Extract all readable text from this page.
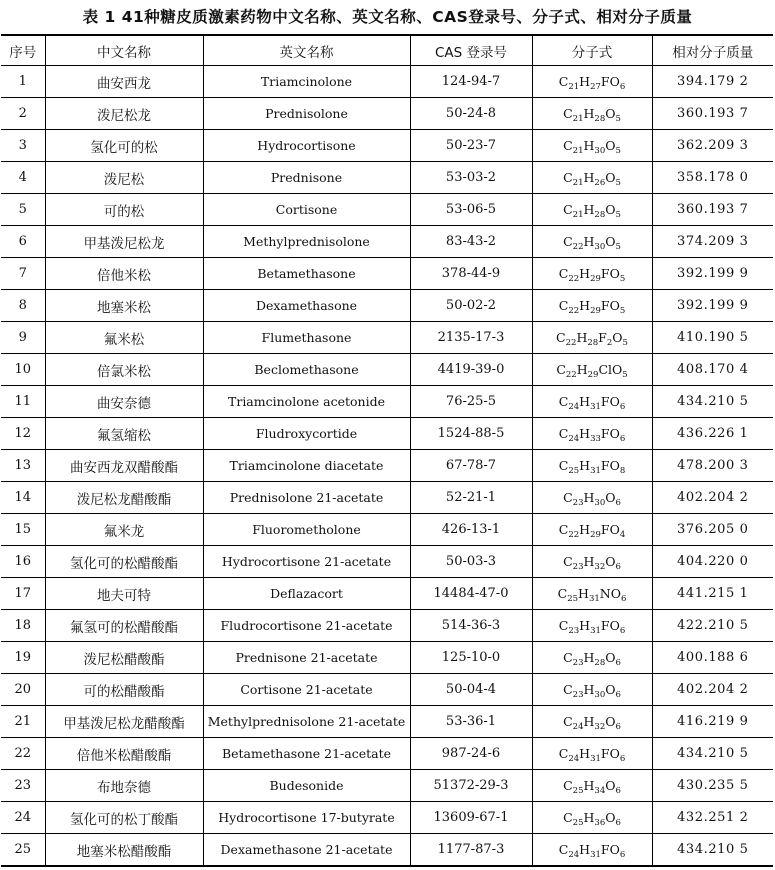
表 1 41种糖皮质激素药物中文名称、英文名称、CAS登录号、分子式、相对分子质量
序号	中文名称	英文名称	CAS 登录号	分子式	相对分子质量
1	曲安西龙	Triamcinolone	124-94-7	$C_{21}H_{27}FO_6$	394.179 2
2	泼尼松龙	Prednisolone	50-24-8	$C_{21}H_{28}O_5$	360.193 7
3	氢化可的松	Hydrocortisone	50-23-7	$C_{21}H_{30}O_5$	362.209 3
4	泼尼松	Prednisone	53-03-2	$C_{21}H_{26}O_5$	358.178 0
5	可的松	Cortisone	53-06-5	$C_{21}H_{28}O_5$	360.193 7
6	甲基泼尼松龙	Methylprednisolone	83-43-2	$C_{22}H_{30}O_5$	374.209 3
7	倍他米松	Betamethasone	378-44-9	$C_{22}H_{29}FO_5$	392.199 9
8	地塞米松	Dexamethasone	50-02-2	$C_{22}H_{29}FO_5$	392.199 9
9	氟米松	Flumethasone	2135-17-3	$C_{22}H_{28}F_2O_5$	410.190 5
10	倍氯米松	Beclomethasone	4419-39-0	$C_{22}H_{29}ClO_5$	408.170 4
11	曲安奈德	Triamcinolone acetonide	76-25-5	$C_{24}H_{31}FO_6$	434.210 5
12	氟氢缩松	Fludroxycortide	1524-88-5	$C_{24}H_{33}FO_6$	436.226 1
13	曲安西龙双醋酸酯	Triamcinolone diacetate	67-78-7	$C_{25}H_{31}FO_8$	478.200 3
14	泼尼松龙醋酸酯	Prednisolone 21-acetate	52-21-1	$C_{23}H_{30}O_6$	402.204 2
15	氟米龙	Fluorometholone	426-13-1	$C_{22}H_{29}FO_4$	376.205 0
16	氢化可的松醋酸酯	Hydrocortisone 21-acetate	50-03-3	$C_{23}H_{32}O_6$	404.220 0
17	地夫可特	Deflazacort	14484-47-0	$C_{25}H_{31}NO_6$	441.215 1
18	氟氢可的松醋酸酯	Fludrocortisone 21-acetate	514-36-3	$C_{23}H_{31}FO_6$	422.210 5
19	泼尼松醋酸酯	Prednisone 21-acetate	125-10-0	$C_{23}H_{28}O_6$	400.188 6
20	可的松醋酸酯	Cortisone 21-acetate	50-04-4	$C_{23}H_{30}O_6$	402.204 2
21	甲基泼尼松龙醋酸酯	Methylprednisolone 21-acetate	53-36-1	$C_{24}H_{32}O_6$	416.219 9
22	倍他米松醋酸酯	Betamethasone 21-acetate	987-24-6	$C_{24}H_{31}FO_6$	434.210 5
23	布地奈德	Budesonide	51372-29-3	$C_{25}H_{34}O_6$	430.235 5
24	氢化可的松丁酸酯	Hydrocortisone 17-butyrate	13609-67-1	$C_{25}H_{36}O_6$	432.251 2
25	地塞米松醋酸酯	Dexamethasone 21-acetate	1177-87-3	$C_{24}H_{31}FO_6$	434.210 5
